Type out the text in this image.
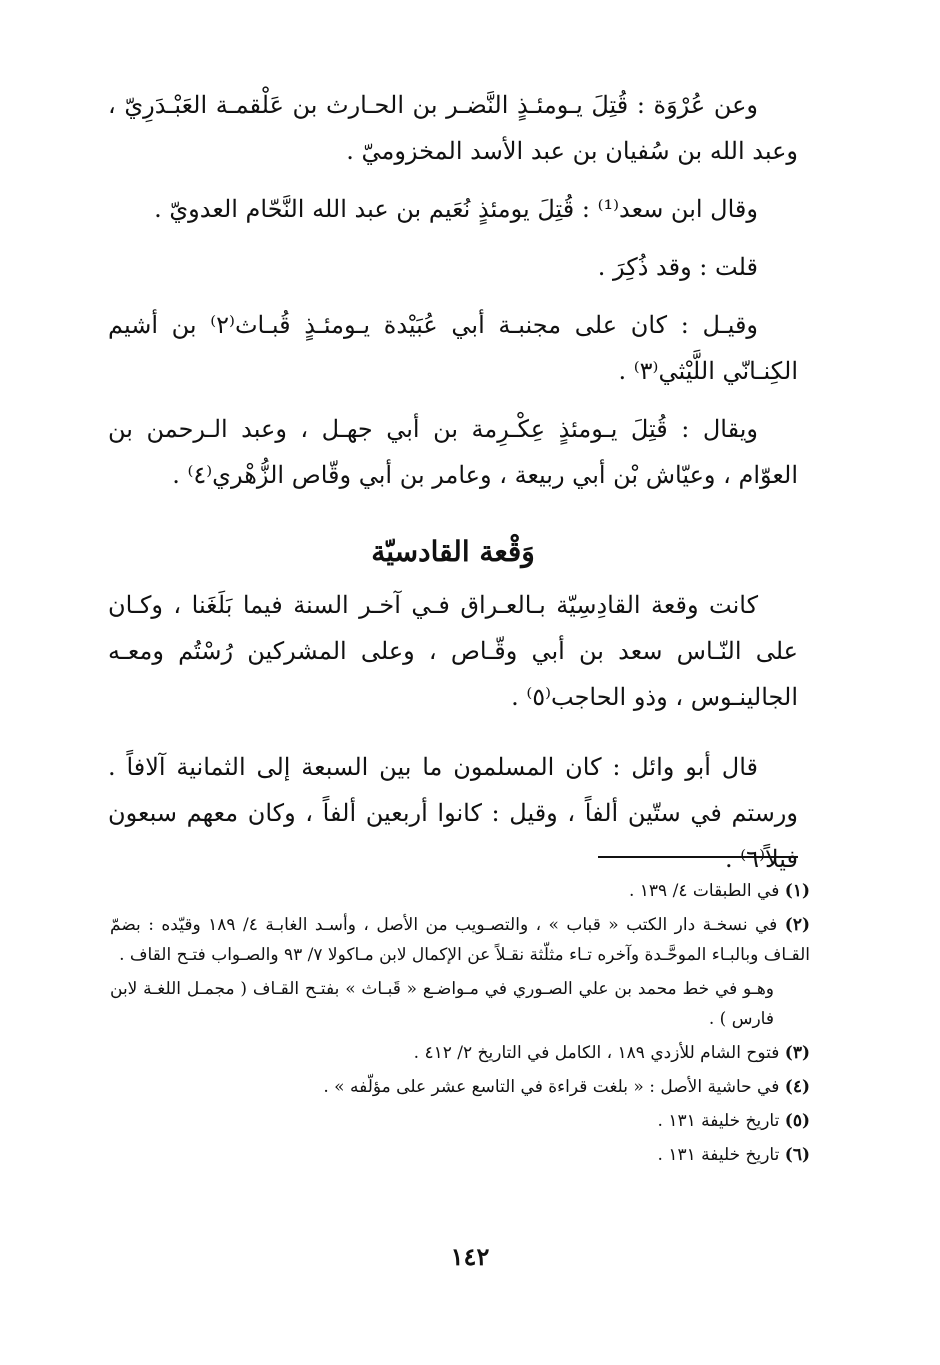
وعن عُرْوَة : قُتِلَ يـومئـذٍ النَّضـر بن الحـارث بن عَلْقمـة العَبْـدَرِيّ ، وعبد الله بن سُفيان بن عبد الأسد المخزوميّ .

وقال ابن سعد⁽¹⁾ : قُتِلَ يومئذٍ نُعَيم بن عبد الله النَّحّام العدويّ .

قلت : وقد ذُكِرَ .

وقيـل : كان على مجنبـة أبي عُبَيْدة يـومئـذٍ قُبـاث⁽٢⁾ بن أشيم الكِنـانّي اللَّيْثي⁽٣⁾ .

ويقال : قُتِلَ يـومئذٍ عِكْـرِمة بن أبي جهـل ، وعبد الـرحمن بن العوّام ، وعيّاش بْن أبي ربيعة ، وعامر بن أبي وقّاص الزُّهْري⁽٤⁾ .

وَقْعة القادسيّة

كانت وقعة القادِسِيّة بـالعـراق فـي آخـر السنة فيما بَلَغَنا ، وكـان على النّـاس سعد بن أبي وقّـاص ، وعلى المشركين رُسْتُم ومعـه الجالينـوس ، وذو الحاجب⁽٥⁾ .

قال أبو وائل : كان المسلمون ما بين السبعة إلى الثمانية آلافاً . ورستم في ستّين ألفاً ، وقيل : كانوا أربعين ألفاً ، وكان معهم سبعون فيلاً⁽٦⁾ .

(١) في الطبقات ٤/ ١٣٩ .

(٢) في نسخـة دار الكتب « قباب » ، والتصـويب من الأصل ، وأسـد الغابـة ٤/ ١٨٩ وقيّده : بضمّ القـاف وبالبـاء الموحَّـدة وآخره تـاء مثلّثة نقـلاً عن الإكمال لابن مـاكولا ٧/ ٩٣ والصـواب فتـح القاف .

وهـو في خط محمد بن علي الصـوري في مـواضـع « قَبـاث » بفتـح القـاف ( مجمـل اللغـة لابن فارس ) .

(٣) فتوح الشام للأزدي ١٨٩ ، الكامل في التاريخ ٢/ ٤١٢ .

(٤) في حاشية الأصل : « بلغت قراءة في التاسع عشر على مؤلّفه » .

(٥) تاريخ خليفة ١٣١ .

(٦) تاريخ خليفة ١٣١ .

١٤٢
